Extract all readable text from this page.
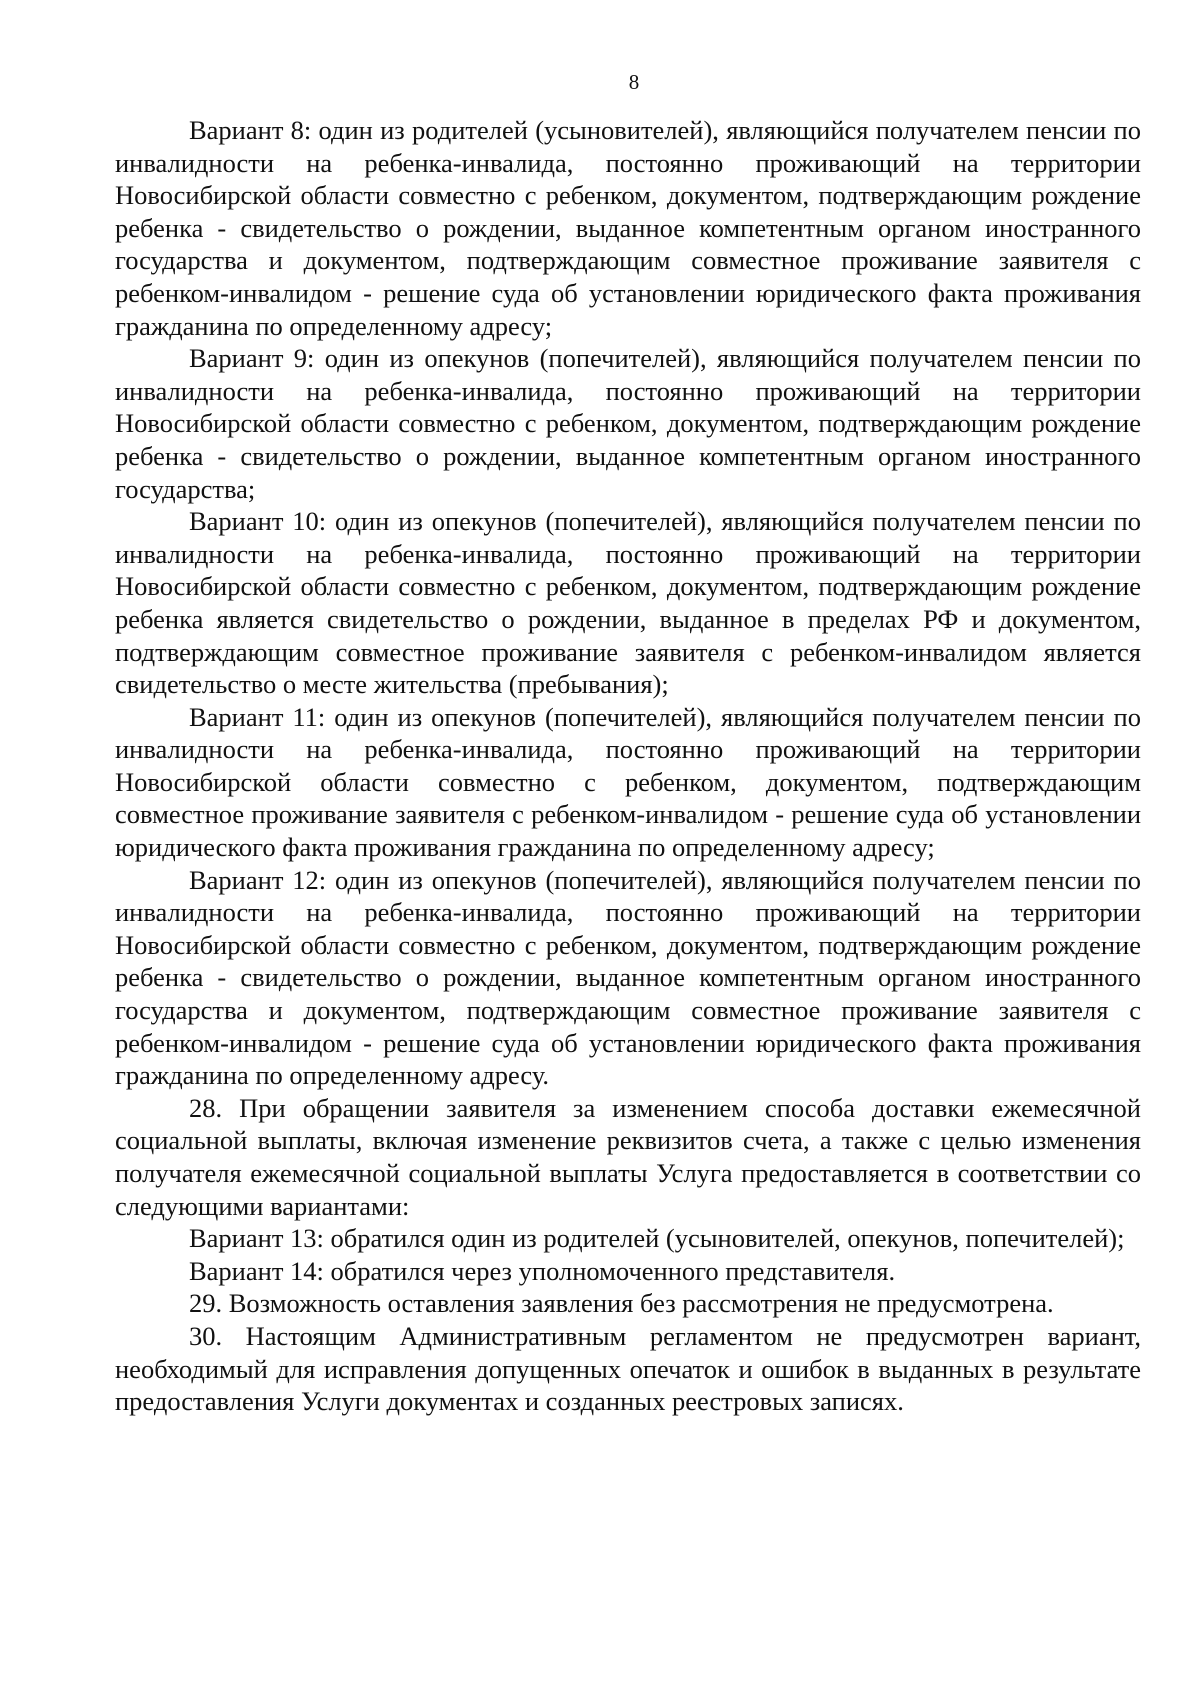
8

Вариант 8: один из родителей (усыновителей), являющийся получателем пенсии по инвалидности на ребенка-инвалида, постоянно проживающий на территории Новосибирской области совместно с ребенком, документом, подтверждающим рождение ребенка - свидетельство о рождении, выданное компетентным органом иностранного государства и документом, подтверждающим совместное проживание заявителя с ребенком-инвалидом - решение суда об установлении юридического факта проживания гражданина по определенному адресу;

Вариант 9: один из опекунов (попечителей), являющийся получателем пенсии по инвалидности на ребенка-инвалида, постоянно проживающий на территории Новосибирской области совместно с ребенком, документом, подтверждающим рождение ребенка - свидетельство о рождении, выданное компетентным органом иностранного государства;

Вариант 10: один из опекунов (попечителей), являющийся получателем пенсии по инвалидности на ребенка-инвалида, постоянно проживающий на территории Новосибирской области совместно с ребенком, документом, подтверждающим рождение ребенка является свидетельство о рождении, выданное в пределах РФ и документом, подтверждающим совместное проживание заявителя с ребенком-инвалидом является свидетельство о месте жительства (пребывания);

Вариант 11: один из опекунов (попечителей), являющийся получателем пенсии по инвалидности на ребенка-инвалида, постоянно проживающий на территории Новосибирской области совместно с ребенком, документом, подтверждающим совместное проживание заявителя с ребенком-инвалидом - решение суда об установлении юридического факта проживания гражданина по определенному адресу;

Вариант 12: один из опекунов (попечителей), являющийся получателем пенсии по инвалидности на ребенка-инвалида, постоянно проживающий на территории Новосибирской области совместно с ребенком, документом, подтверждающим рождение ребенка - свидетельство о рождении, выданное компетентным органом иностранного государства и документом, подтверждающим совместное проживание заявителя с ребенком-инвалидом - решение суда об установлении юридического факта проживания гражданина по определенному адресу.

28. При обращении заявителя за изменением способа доставки ежемесячной социальной выплаты, включая изменение реквизитов счета, а также с целью изменения получателя ежемесячной социальной выплаты Услуга предоставляется в соответствии со следующими вариантами:

Вариант 13: обратился один из родителей (усыновителей, опекунов, попечителей);

Вариант 14: обратился через уполномоченного представителя.

29. Возможность оставления заявления без рассмотрения не предусмотрена.

30. Настоящим Административным регламентом не предусмотрен вариант, необходимый для исправления допущенных опечаток и ошибок в выданных в результате предоставления Услуги документах и созданных реестровых записях.
